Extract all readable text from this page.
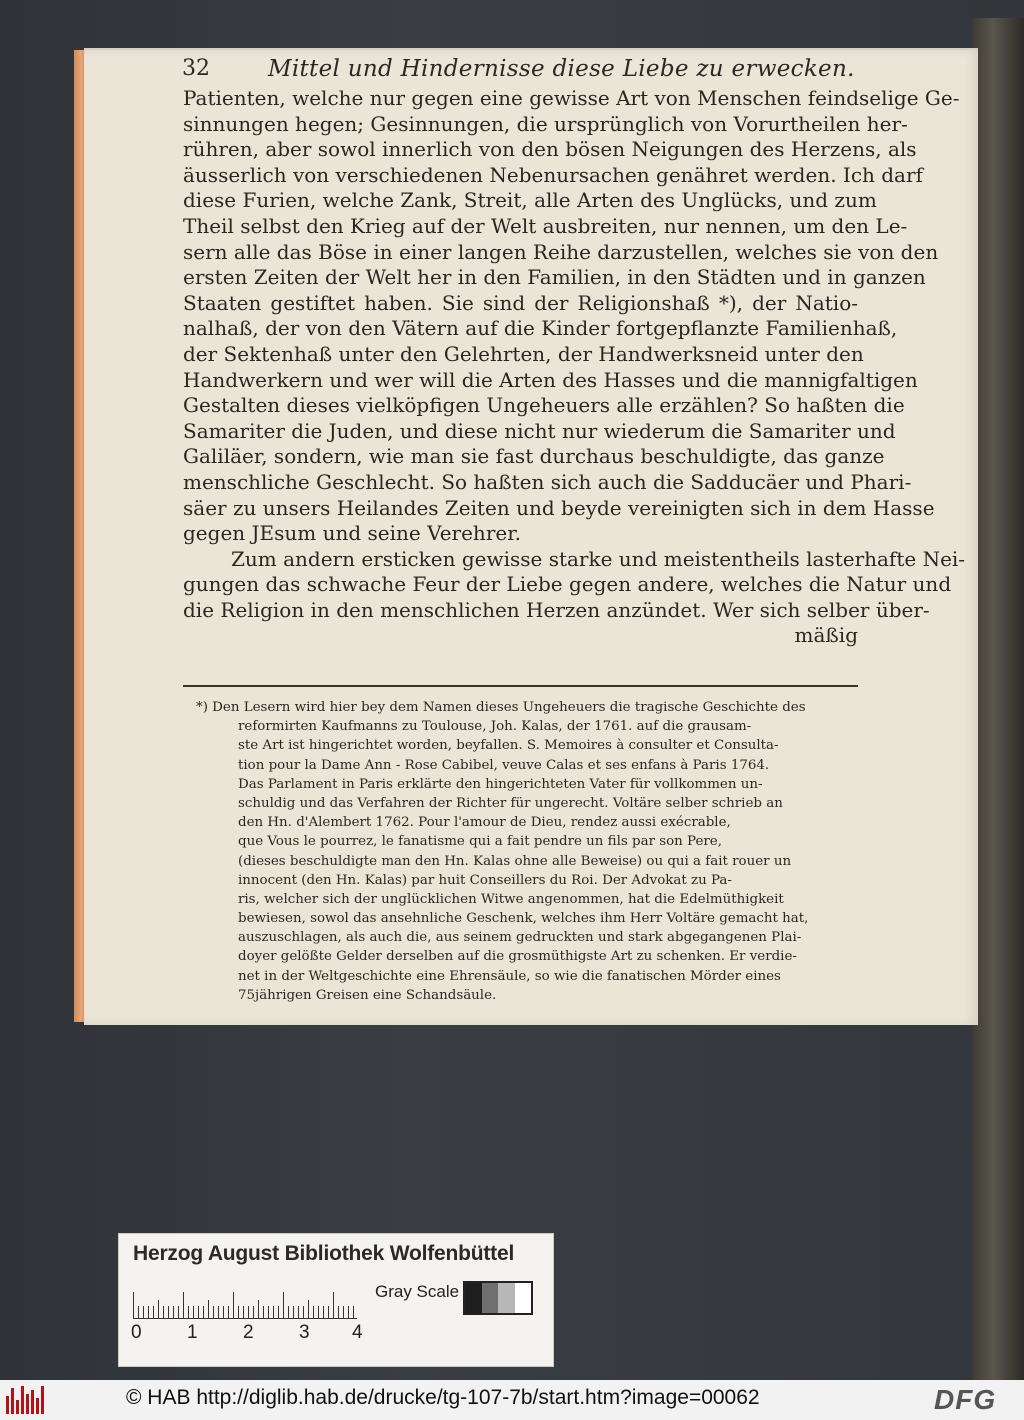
32	Mittel und Hindernisse diese Liebe zu erwecken.
Patienten, welche nur gegen eine gewisse Art von Menschen feindselige Ge-
sinnungen hegen; Gesinnungen, die ursprünglich von Vorurtheilen her-
rühren, aber sowol innerlich von den bösen Neigungen des Herzens, als
äusserlich von verschiedenen Nebenursachen genähret werden. Ich darf
diese Furien, welche Zank, Streit, alle Arten des Unglücks, und zum
Theil selbst den Krieg auf der Welt ausbreiten, nur nennen, um den Le-
sern alle das Böse in einer langen Reihe darzustellen, welches sie von den
ersten Zeiten der Welt her in den Familien, in den Städten und in ganzen
Staaten gestiftet haben. Sie sind der Religionshaß *), der Natio-
nalhaß, der von den Vätern auf die Kinder fortgepflanzte Familienhaß,
der Sektenhaß unter den Gelehrten, der Handwerksneid unter den
Handwerkern und wer will die Arten des Hasses und die mannigfaltigen
Gestalten dieses vielköpfigen Ungeheuers alle erzählen? So haßten die
Samariter die Juden, und diese nicht nur wiederum die Samariter und
Galiläer, sondern, wie man sie fast durchaus beschuldigte, das ganze
menschliche Geschlecht. So haßten sich auch die Sadducäer und Phari-
säer zu unsers Heilandes Zeiten und beyde vereinigten sich in dem Hasse
gegen JEsum und seine Verehrer.
Zum andern ersticken gewisse starke und meistentheils lasterhafte Nei-
gungen das schwache Feur der Liebe gegen andere, welches die Natur und
die Religion in den menschlichen Herzen anzündet. Wer sich selber über-
mäßig
*) Den Lesern wird hier bey dem Namen dieses Ungeheuers die tragische Geschichte des
reformirten Kaufmanns zu Toulouse, Joh. Kalas, der 1761. auf die grausam-
ste Art ist hingerichtet worden, beyfallen. S. Memoires à consulter et Consulta-
tion pour la Dame Ann - Rose Cabibel, veuve Calas et ses enfans à Paris 1764.
Das Parlament in Paris erklärte den hingerichteten Vater für vollkommen un-
schuldig und das Verfahren der Richter für ungerecht. Voltäre selber schrieb an
den Hn. d'Alembert 1762. Pour l'amour de Dieu, rendez aussi exécrable,
que Vous le pourrez, le fanatisme qui a fait pendre un fils par son Pere,
(dieses beschuldigte man den Hn. Kalas ohne alle Beweise) ou qui a fait rouer un
innocent (den Hn. Kalas) par huit Conseillers du Roi. Der Advokat zu Pa-
ris, welcher sich der unglücklichen Witwe angenommen, hat die Edelmüthigkeit
bewiesen, sowol das ansehnliche Geschenk, welches ihm Herr Voltäre gemacht hat,
auszuschlagen, als auch die, aus seinem gedruckten und stark abgegangenen Plai-
doyer gelößte Gelder derselben auf die grosmüthigste Art zu schenken. Er verdie-
net in der Weltgeschichte eine Ehrensäule, so wie die fanatischen Mörder eines
75jährigen Greisen eine Schandsäule.
Herzog August Bibliothek Wolfenbüttel
0 1 2 3 4
Gray Scale
© HAB http://diglib.hab.de/drucke/tg-107-7b/start.htm?image=00062	DFG
